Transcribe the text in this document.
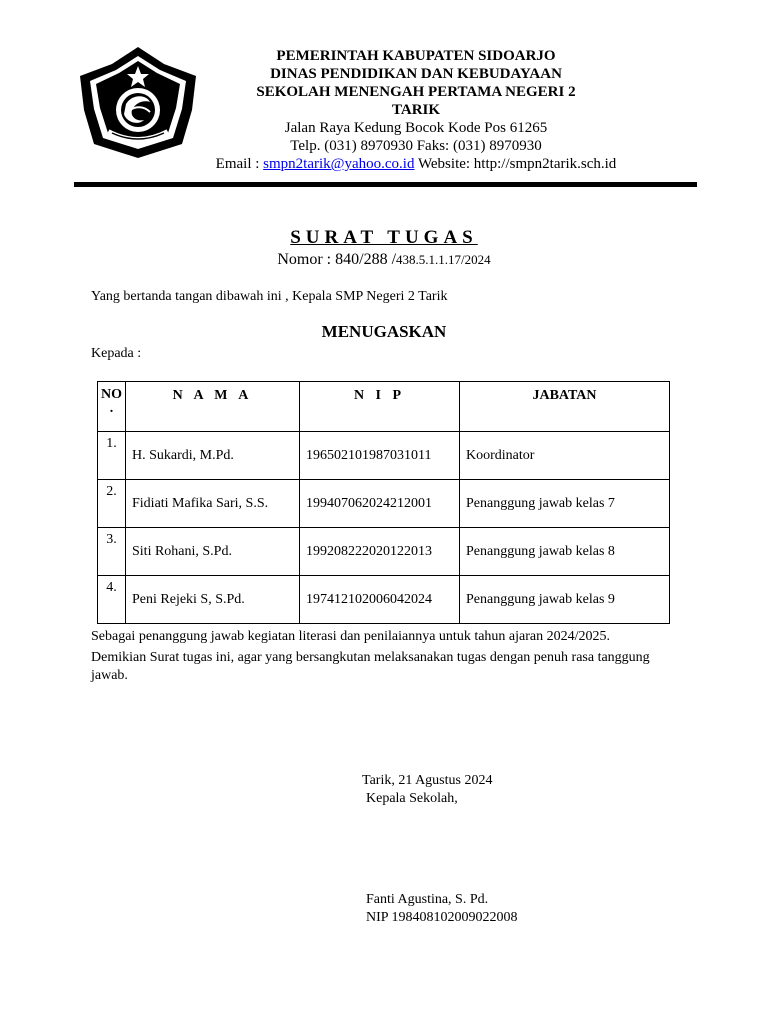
PEMERINTAH KABUPATEN SIDOARJO
DINAS PENDIDIKAN DAN KEBUDAYAAN
SEKOLAH MENENGAH PERTAMA NEGERI 2
TARIK
Jalan Raya Kedung Bocok Kode Pos 61265
Telp. (031) 8970930 Faks: (031) 8970930
Email : smpn2tarik@yahoo.co.id Website: http://smpn2tarik.sch.id
SURAT TUGAS
Nomor : 840/288 /438.5.1.1.17/2024
Yang bertanda tangan dibawah ini , Kepala SMP Negeri 2 Tarik
MENUGASKAN
Kepada :
NO
.	N A M A	N I P	JABATAN
1.	H. Sukardi, M.Pd.	196502101987031011	Koordinator
2.	Fidiati Mafika Sari, S.S.	199407062024212001	Penanggung jawab kelas 7
3.	Siti Rohani, S.Pd.	199208222020122013	Penanggung jawab kelas 8
4.	Peni Rejeki S, S.Pd.	197412102006042024	Penanggung jawab kelas 9

Sebagai penanggung jawab kegiatan literasi dan penilaiannya untuk tahun ajaran 2024/2025.

Demikian Surat tugas ini, agar yang bersangkutan melaksanakan tugas dengan penuh rasa tanggung jawab.

Tarik, 21 Agustus 2024
Kepala Sekolah,
Fanti Agustina, S. Pd.
NIP 198408102009022008
